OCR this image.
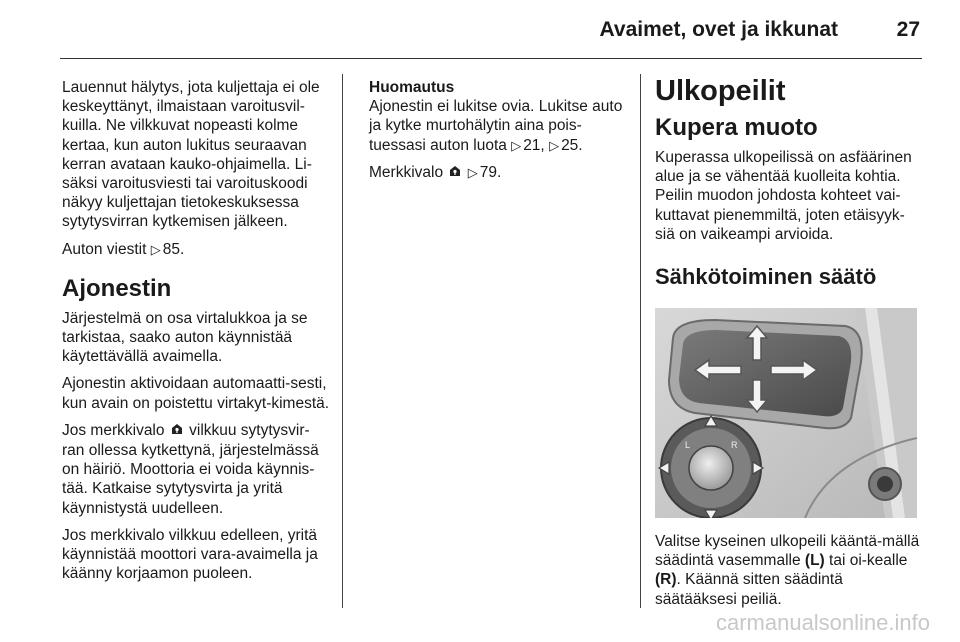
Avaimet, ovet ja ikkunat	27

Lauennut hälytys, jota kuljettaja ei ole keskeyttänyt, ilmaistaan varoitusvil-kuilla. Ne vilkkuvat nopeasti kolme kertaa, kun auton lukitus seuraavan kerran avataan kauko-ohjaimella. Li-säksi varoitusviesti tai varoituskoodi näkyy kuljettajan tietokeskuksessa sytytysvirran kytkemisen jälkeen.

Auton viestit ▷ 85.

Ajonestin

Järjestelmä on osa virtalukkoa ja se tarkistaa, saako auton käynnistää käytettävällä avaimella.

Ajonestin aktivoidaan automaatti-sesti, kun avain on poistettu virtakyt-kimestä.

Jos merkkivalo vilkkuu sytytysvir-ran ollessa kytkettynä, järjestelmässä on häiriö. Moottoria ei voida käynnis-tää. Katkaise sytytysvirta ja yritä käynnistystä uudelleen.

Jos merkkivalo vilkkuu edelleen, yritä käynnistää moottori vara-avaimella ja käänny korjaamon puoleen.

Huomautus

Ajonestin ei lukitse ovia. Lukitse auto ja kytke murtohälytin aina pois-tuessasi auton luota ▷ 21, ▷ 25.

Merkkivalo ▷ 79.

Ulkopeilit
Kupera muoto

Kuperassa ulkopeilissä on asfäärinen alue ja se vähentää kuolleita kohtia. Peilin muodon johdosta kohteet vai-kuttavat pienemmiltä, joten etäisyyk-siä on vaikeampi arvioida.

Sähkötoiminen säätö
L	R

Valitse kyseinen ulkopeili kääntä-mällä säädintä vasemmalle (L) tai oi-kealle (R). Käännä sitten säädintä säätääksesi peiliä.

carmanualsonline.info
